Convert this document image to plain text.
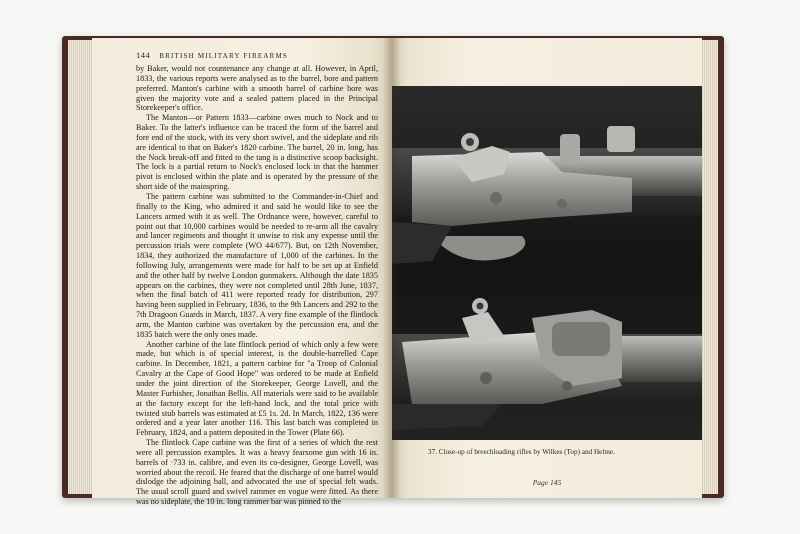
144 BRITISH MILITARY FIREARMS

by Baker, would not countenance any change at all. However, in April, 1833, the various reports were analysed as to the barrel, bore and pattern preferred. Manton's carbine with a smooth barrel of carbine bore was given the majority vote and a sealed pattern placed in the Principal Storekeeper's office.

The Manton—or Pattern 1833—carbine owes much to Nock and to Baker. To the latter's influence can be traced the form of the barrel and fore end of the stock, with its very short swivel, and the sideplate and rib are identical to that on Baker's 1820 carbine. The barrel, 20 in. long, has the Nock break-off and fitted to the tang is a distinctive scoop backsight. The lock is a partial return to Nock's enclosed lock in that the hammer pivot is enclosed within the plate and is operated by the pressure of the short side of the mainspring.

The pattern carbine was submitted to the Commander-in-Chief and finally to the King, who admired it and said he would like to see the Lancers armed with it as well. The Ordnance were, however, careful to point out that 10,000 carbines would be needed to re-arm all the cavalry and lancer regiments and thought it unwise to risk any expense until the percussion trials were complete (WO 44/677). But, on 12th November, 1834, they authorized the manufacture of 1,000 of the carbines. In the following July, arrangements were made for half to be set up at Enfield and the other half by twelve London gunmakers. Although the date 1835 appears on the carbines, they were not completed until 28th June, 1837, when the final batch of 411 were reported ready for distribution, 297 having been supplied in February, 1836, to the 9th Lancers and 292 to the 7th Dragoon Guards in March, 1837. A very fine example of the flintlock arm, the Manton carbine was overtaken by the percussion era, and the 1835 batch were the only ones made.

Another carbine of the late flintlock period of which only a few were made, but which is of special interest, is the double-barrelled Cape carbine. In December, 1821, a pattern carbine for "a Troop of Colonial Cavalry at the Cape of Good Hope" was ordered to be made at Enfield under the joint direction of the Storekeeper, George Lovell, and the Master Furbisher, Jonathan Bellis. All materials were said to be available at the factory except for the left-hand lock, and the total price with twisted stub barrels was estimated at £5 1s. 2d. In March, 1822, 136 were ordered and a year later another 116. This last batch was completed in February, 1824, and a pattern deposited in the Tower (Plate 66).

The flintlock Cape carbine was the first of a series of which the rest were all percussion examples. It was a heavy fearsome gun with 16 in. barrels of ·733 in. calibre, and even its co-designer, George Lovell, was worried about the recoil. He feared that the discharge of one barrel would dislodge the adjoining ball, and advocated the use of special felt wads. The usual scroll guard and swivel rammer en vogue were fitted. As there was no sideplate, the 10 in. long rammer bar was pinned to the

37. Close-up of breechloading rifles by Wilkes (Top) and Helme.
Page 145
